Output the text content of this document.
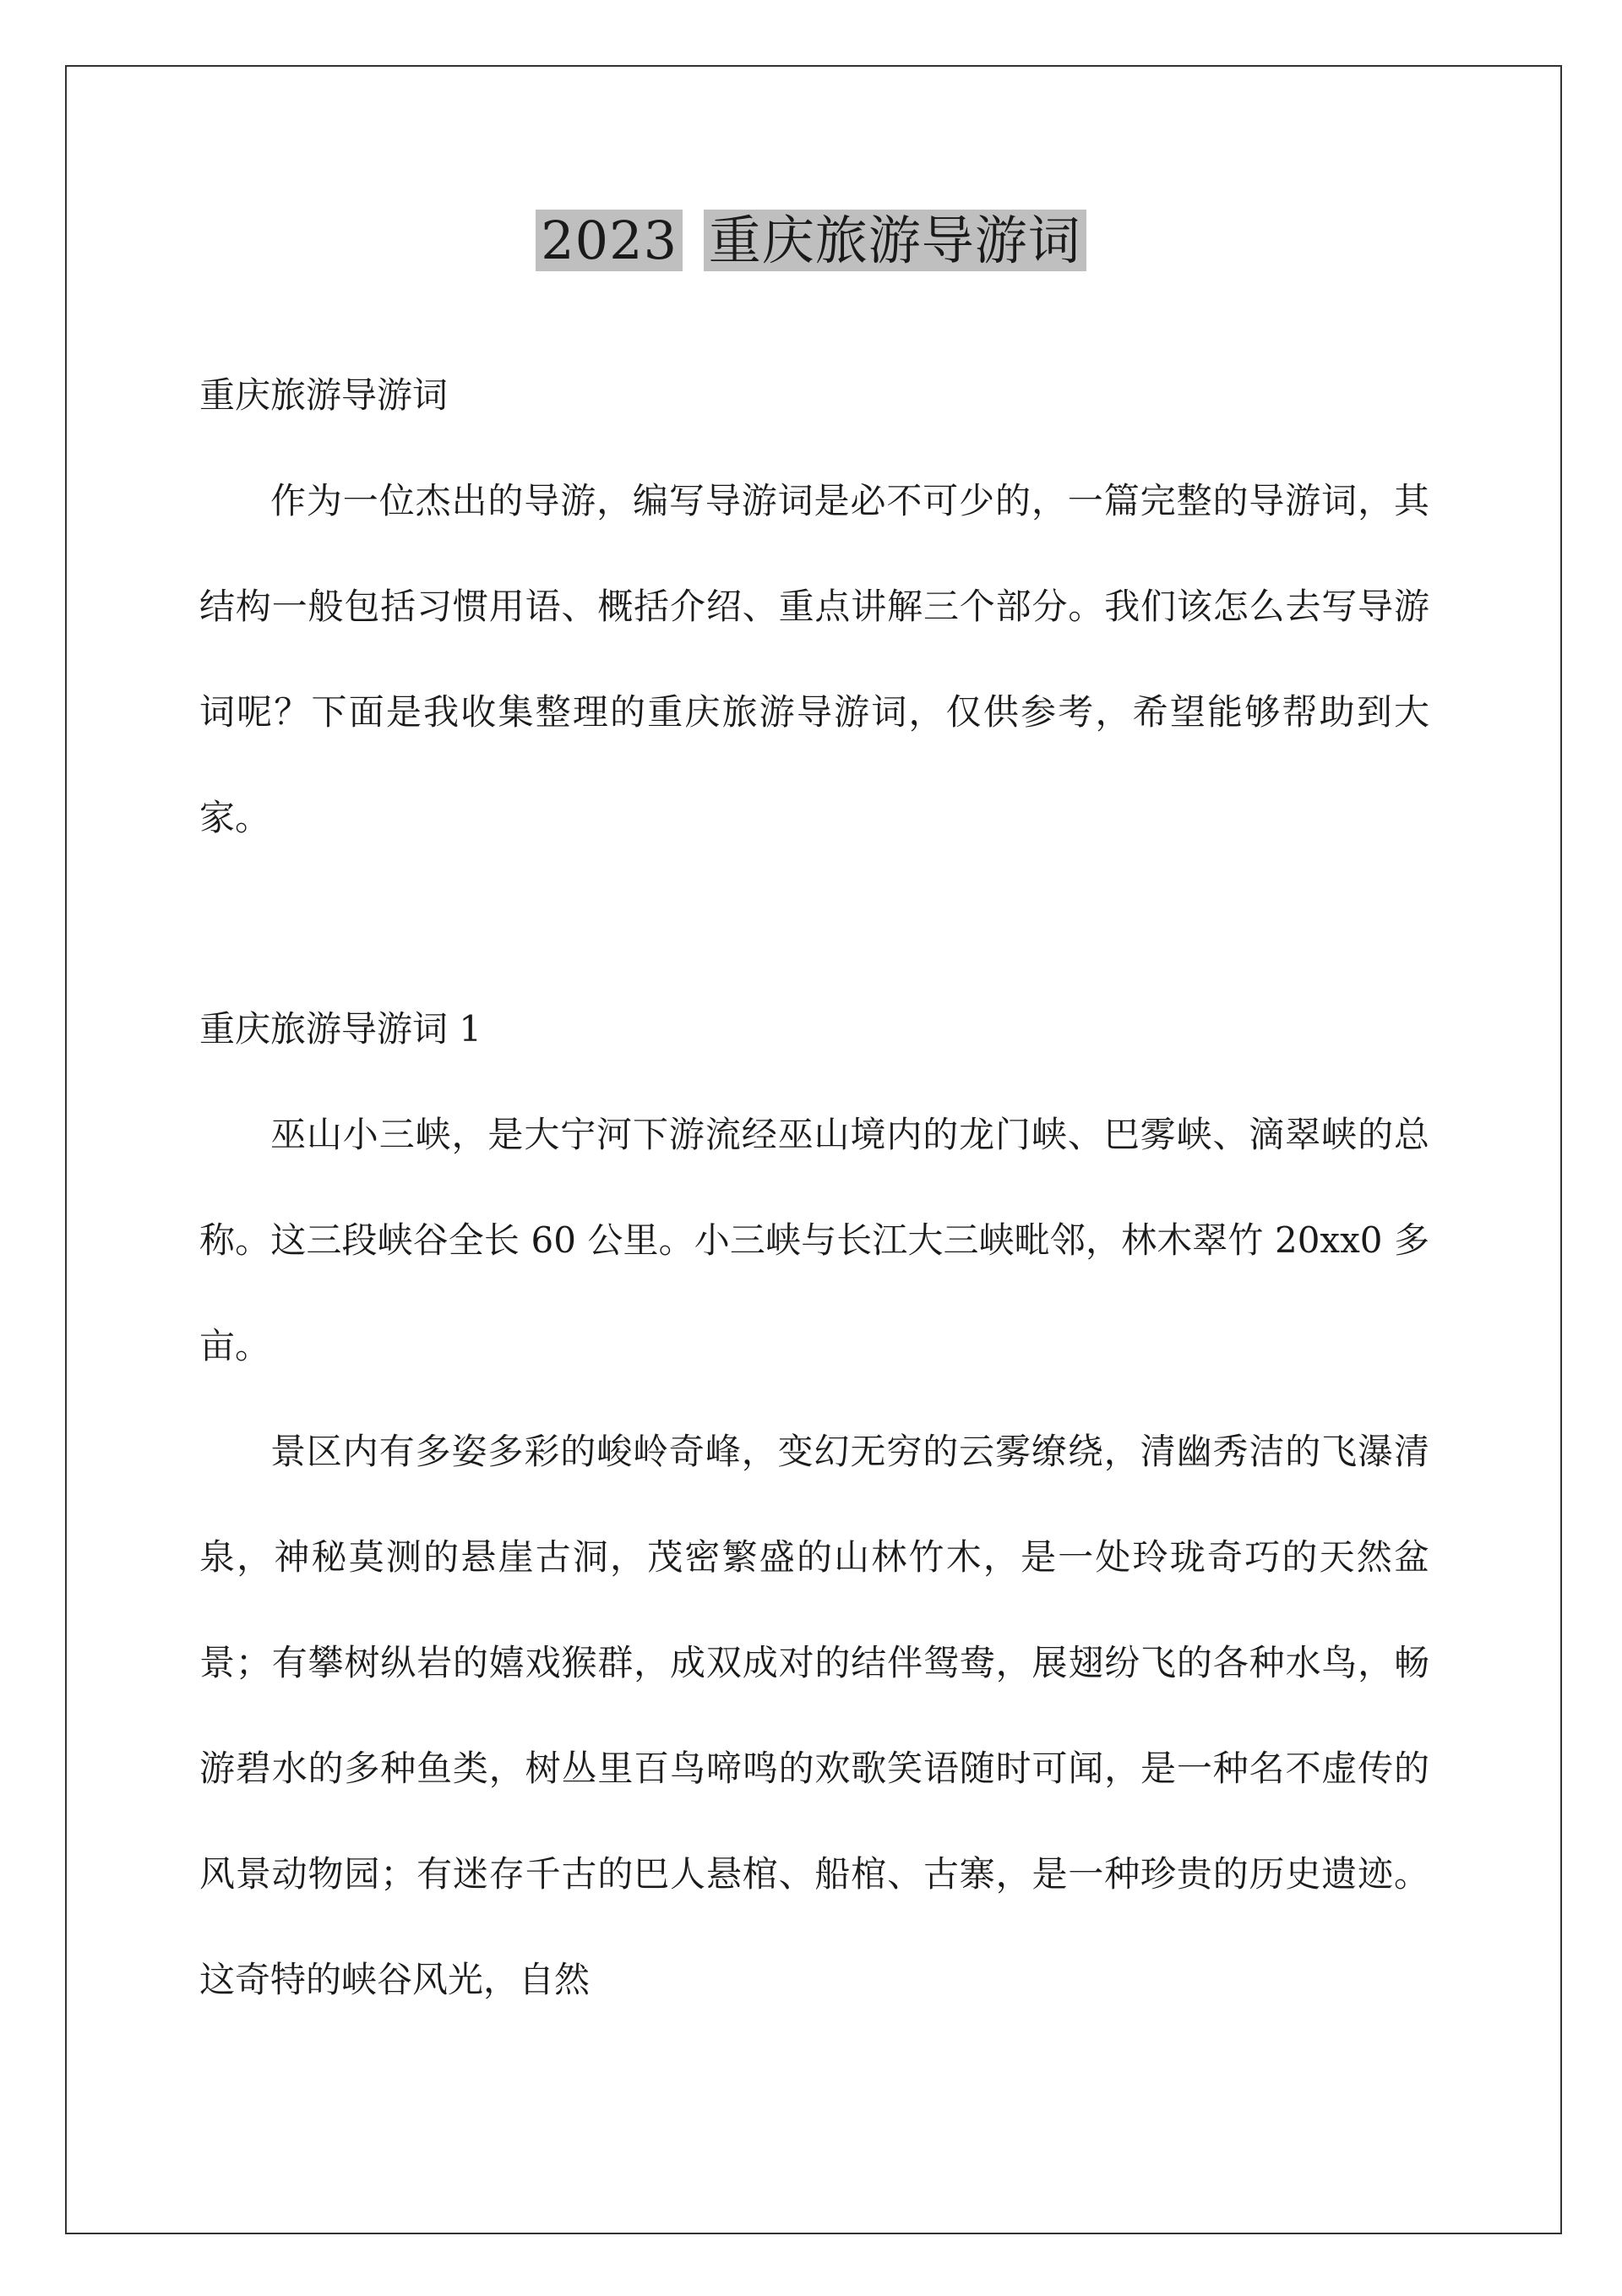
2023 重庆旅游导游词

重庆旅游导游词

作为一位杰出的导游，编写导游词是必不可少的，一篇完整的导游词，其结构一般包括习惯用语、概括介绍、重点讲解三个部分。我们该怎么去写导游词呢？下面是我收集整理的重庆旅游导游词，仅供参考，希望能够帮助到大家。

重庆旅游导游词 1

巫山小三峡，是大宁河下游流经巫山境内的龙门峡、巴雾峡、滴翠峡的总称。这三段峡谷全长 60 公里。小三峡与长江大三峡毗邻，林木翠竹 20xx0 多亩。

景区内有多姿多彩的峻岭奇峰，变幻无穷的云雾缭绕，清幽秀洁的飞瀑清泉，神秘莫测的悬崖古洞，茂密繁盛的山林竹木，是一处玲珑奇巧的天然盆景；有攀树纵岩的嬉戏猴群，成双成对的结伴鸳鸯，展翅纷飞的各种水鸟，畅游碧水的多种鱼类，树丛里百鸟啼鸣的欢歌笑语随时可闻，是一种名不虚传的风景动物园；有迷存千古的巴人悬棺、船棺、古寨，是一种珍贵的历史遗迹。这奇特的峡谷风光，自然
